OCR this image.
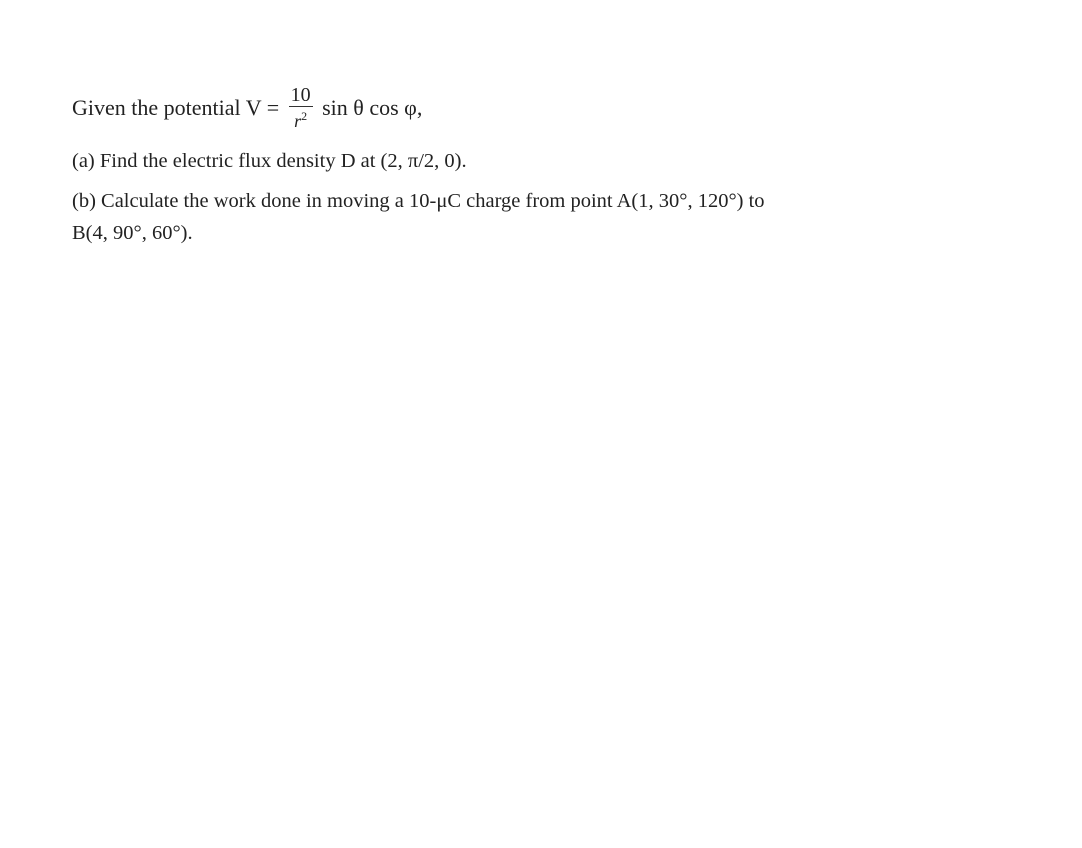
Given the potential $V = \frac{10}{r^2}$ sin θ cos φ,
(a) Find the electric flux density D at (2, π/2, 0).
(b) Calculate the work done in moving a 10-μC charge from point A(1, 30°, 120°) to
B(4, 90°, 60°).
